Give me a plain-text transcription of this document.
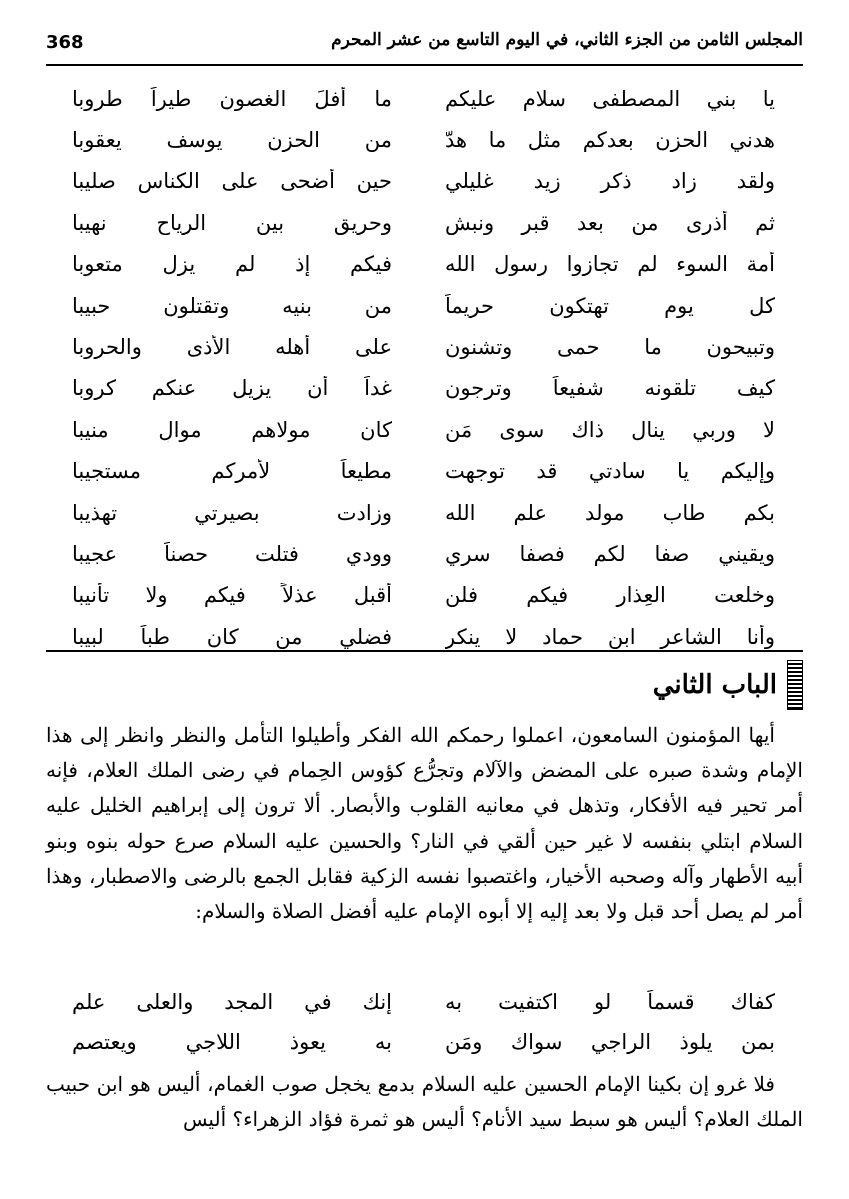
368	المجلس الثامن من الجزء الثاني، في اليوم التاسع من عشر المحرم
يا بني المصطفى سلام عليكم
ما أفلَ الغصون طيراً طروبا
هدني الحزن بعدكم مثل ما هدّ
من الحزن يوسف يعقوبا
ولقد زاد ذكر زيد غليلي
حين أضحى على الكناس صليبا
ثم أذرى من بعد قبر ونبش
وحريق بين الرياح نهيبا
أمة السوء لم تجازوا رسول الله
فيكم إذ لم يزل متعوبا
كل يوم تهتكون حريماً
من بنيه وتقتلون حبيبا
وتبيحون ما حمى وتشنون
على أهله الأذى والحروبا
كيف تلقونه شفيعاً وترجون
غداً أن يزيل عنكم كروبا
لا وربي ينال ذاك سوى مَن
كان مولاهم موالٍ منيبا
وإليكم يا سادتي قد توجهت
مطيعاً لأمركم مستجيبا
بكم طاب مولد علم الله
وزادت بصيرتي تهذيبا
ويقيني صفا لكم فصفا سري
وودي فتلت حصناً عجيبا
وخلعت العِذار فيكم فلن
أقبل عذلاً فيكم ولا تأنيبا
وأنا الشاعر ابن حماد لا ينكر
فضلي من كان طباً لبيبا
الباب الثاني

أيها المؤمنون السامعون، اعملوا رحمكم الله الفكر وأطيلوا التأمل والنظر وانظر إلى هذا الإمام وشدة صبره على المضض والآلام وتجرُّع كؤوس الحِمام في رضى الملك العلام، فإنه أمر تحير فيه الأفكار، وتذهل في معانيه القلوب والأبصار. ألا ترون إلى إبراهيم الخليل عليه السلام ابتلي بنفسه لا غير حين ألقي في النار؟ والحسين عليه السلام صرع حوله بنوه وبنو أبيه الأطهار وآله وصحبه الأخيار، واغتصبوا نفسه الزكية فقابل الجمع بالرضى والاصطبار، وهذا أمر لم يصل أحد قبل ولا بعد إليه إلا أبوه الإمام عليه أفضل الصلاة والسلام:

كفاك قسماً لو اكتفيت به
إنك في المجد والعلى علم
بمن يلوذ الراجي سواك ومَن
به يعوذ اللاجي ويعتصم

فلا غرو إن بكينا الإمام الحسين عليه السلام بدمع يخجل صوب الغمام، أليس هو ابن حبيب الملك العلام؟ أليس هو سبط سيد الأنام؟ أليس هو ثمرة فؤاد الزهراء؟ أليس
